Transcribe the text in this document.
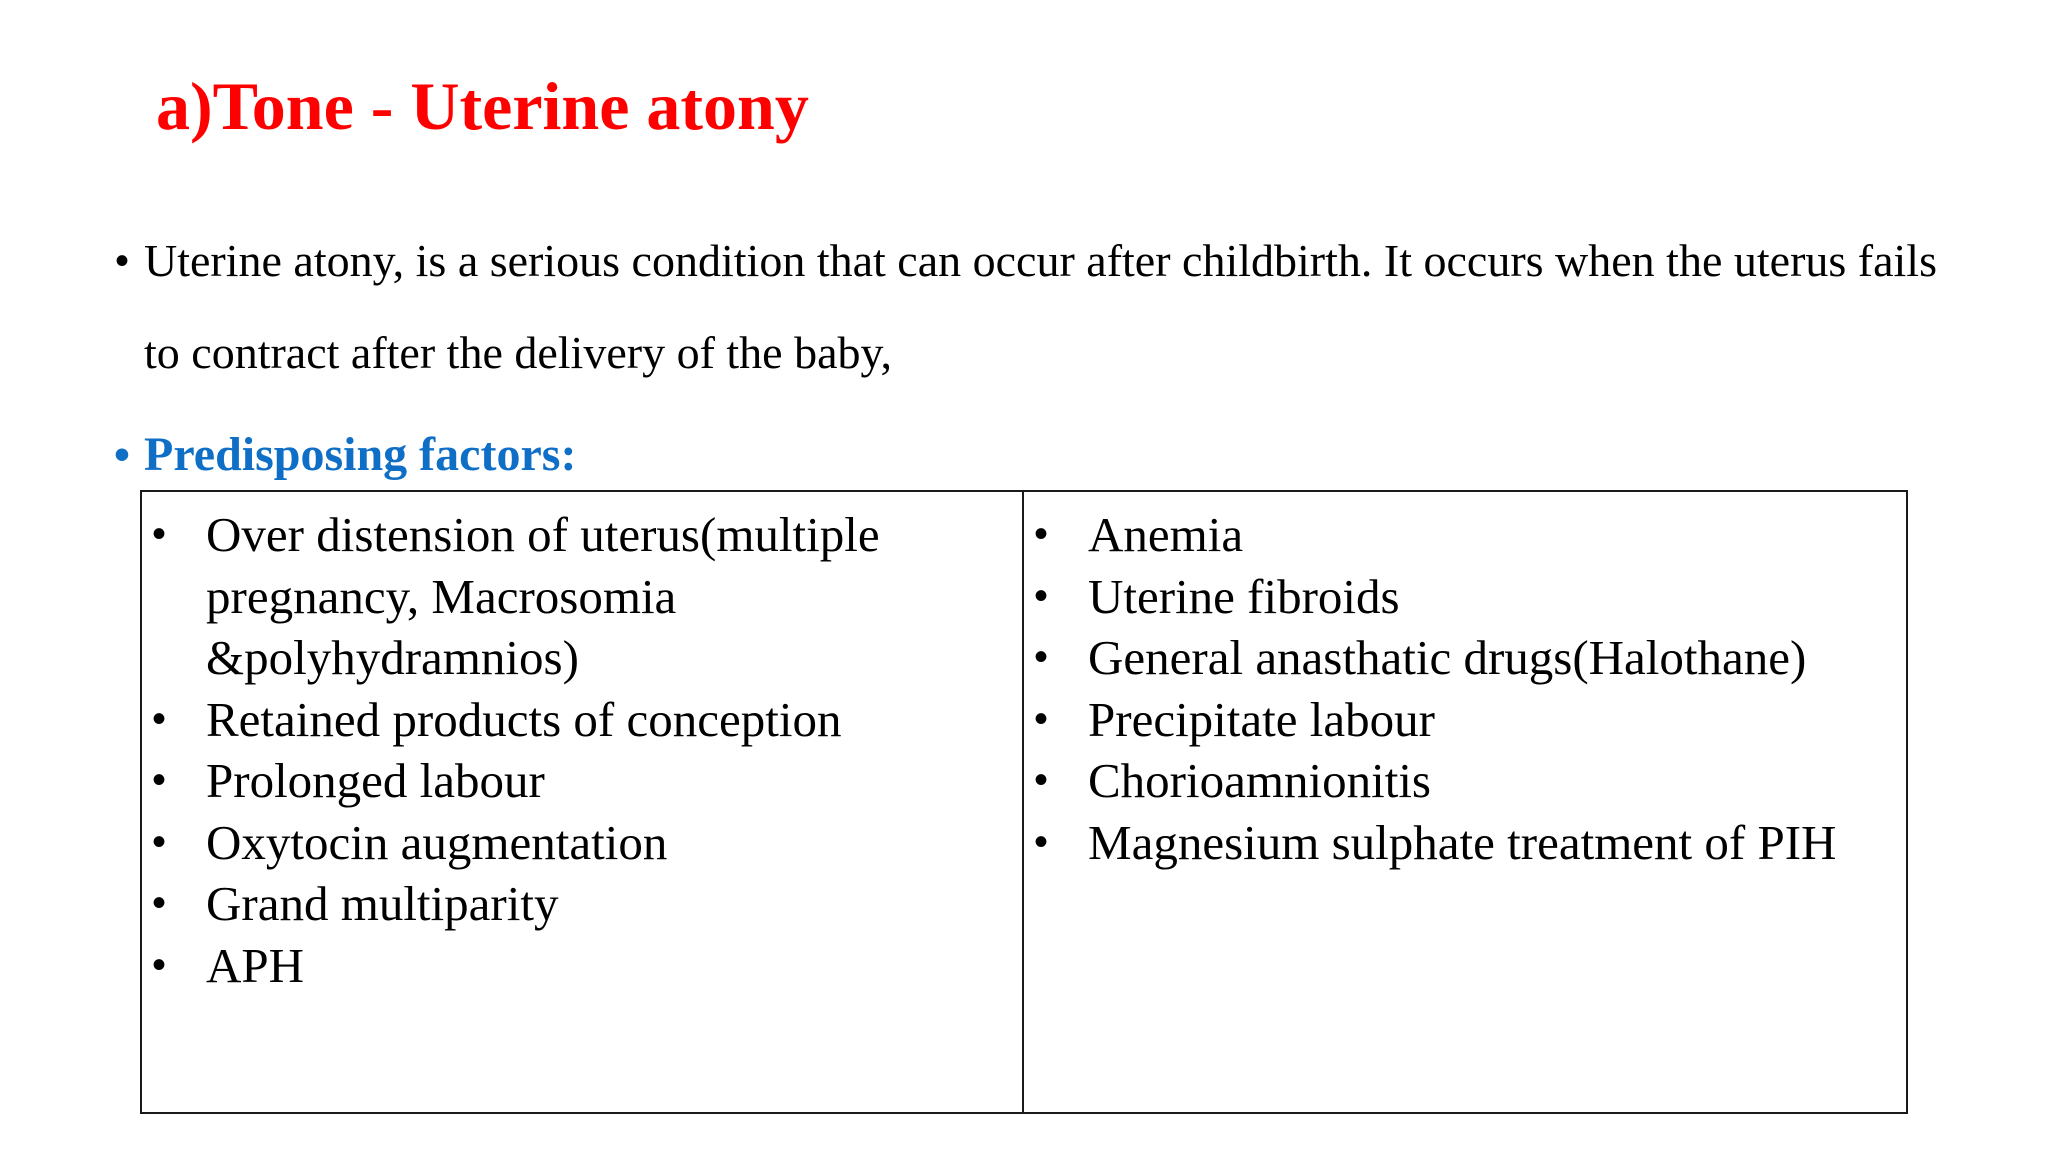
a)Tone - Uterine atony
• Uterine atony, is a serious condition that can occur after childbirth. It occurs when the uterus fails to contract after the delivery of the baby,
• Predisposing factors:
• Over distension of uterus(multiple pregnancy, Macrosomia &polyhydramnios)
• Retained products of conception
• Prolonged labour
• Oxytocin augmentation
• Grand multiparity
• APH
• Anemia
• Uterine fibroids
• General anasthatic drugs(Halothane)
• Precipitate labour
• Chorioamnionitis
• Magnesium sulphate treatment of PIH
